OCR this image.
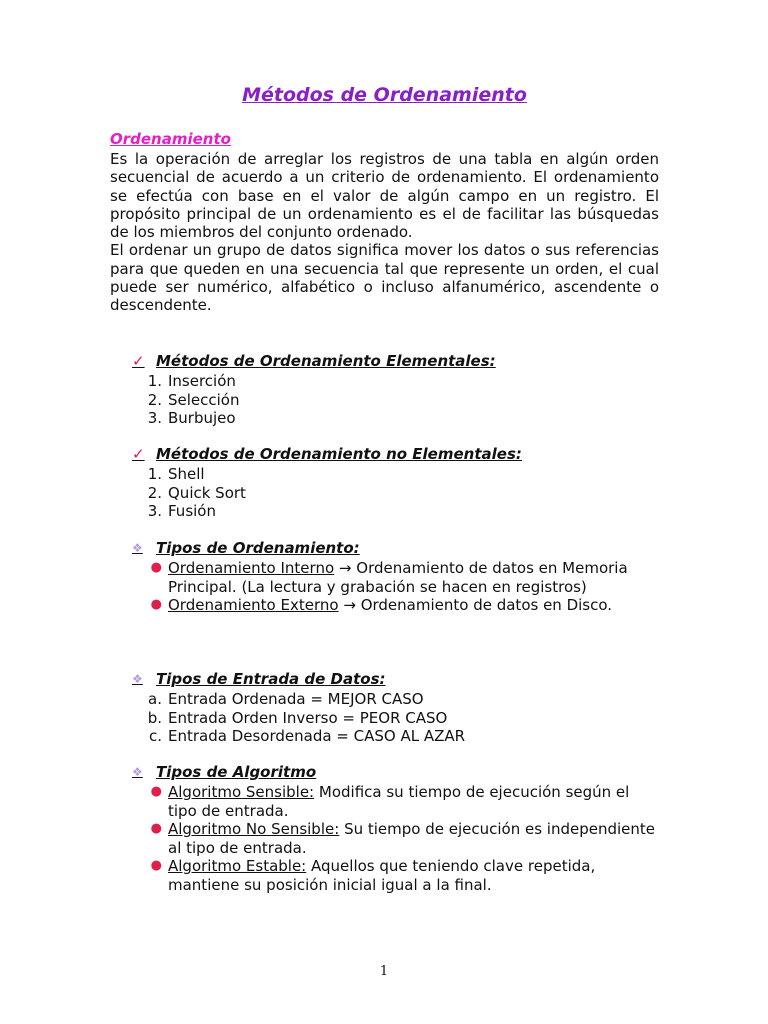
Métodos de Ordenamiento
Ordenamiento

Es la operación de arreglar los registros de una tabla en algún orden secuencial de acuerdo a un criterio de ordenamiento. El ordenamiento se efectúa con base en el valor de algún campo en un registro. El propósito principal de un ordenamiento es el de facilitar las búsquedas de los miembros del conjunto ordenado.

El ordenar un grupo de datos significa mover los datos o sus referencias para que queden en una secuencia tal que represente un orden, el cual puede ser numérico, alfabético o incluso alfanumérico, ascendente o descendente.

✓ Métodos de Ordenamiento Elementales:
1. Inserción
2. Selección
3. Burbujeo
✓ Métodos de Ordenamiento no Elementales:
1. Shell
2. Quick Sort
3. Fusión
❖ Tipos de Ordenamiento:
● Ordenamiento Interno → Ordenamiento de datos en Memoria Principal. (La lectura y grabación se hacen en registros)
● Ordenamiento Externo → Ordenamiento de datos en Disco.
❖ Tipos de Entrada de Datos:
a. Entrada Ordenada = MEJOR CASO
b. Entrada Orden Inverso = PEOR CASO
c. Entrada Desordenada = CASO AL AZAR
❖ Tipos de Algoritmo
● Algoritmo Sensible: Modifica su tiempo de ejecución según el tipo de entrada.
● Algoritmo No Sensible: Su tiempo de ejecución es independiente al tipo de entrada.
● Algoritmo Estable: Aquellos que teniendo clave repetida, mantiene su posición inicial igual a la final.
1
